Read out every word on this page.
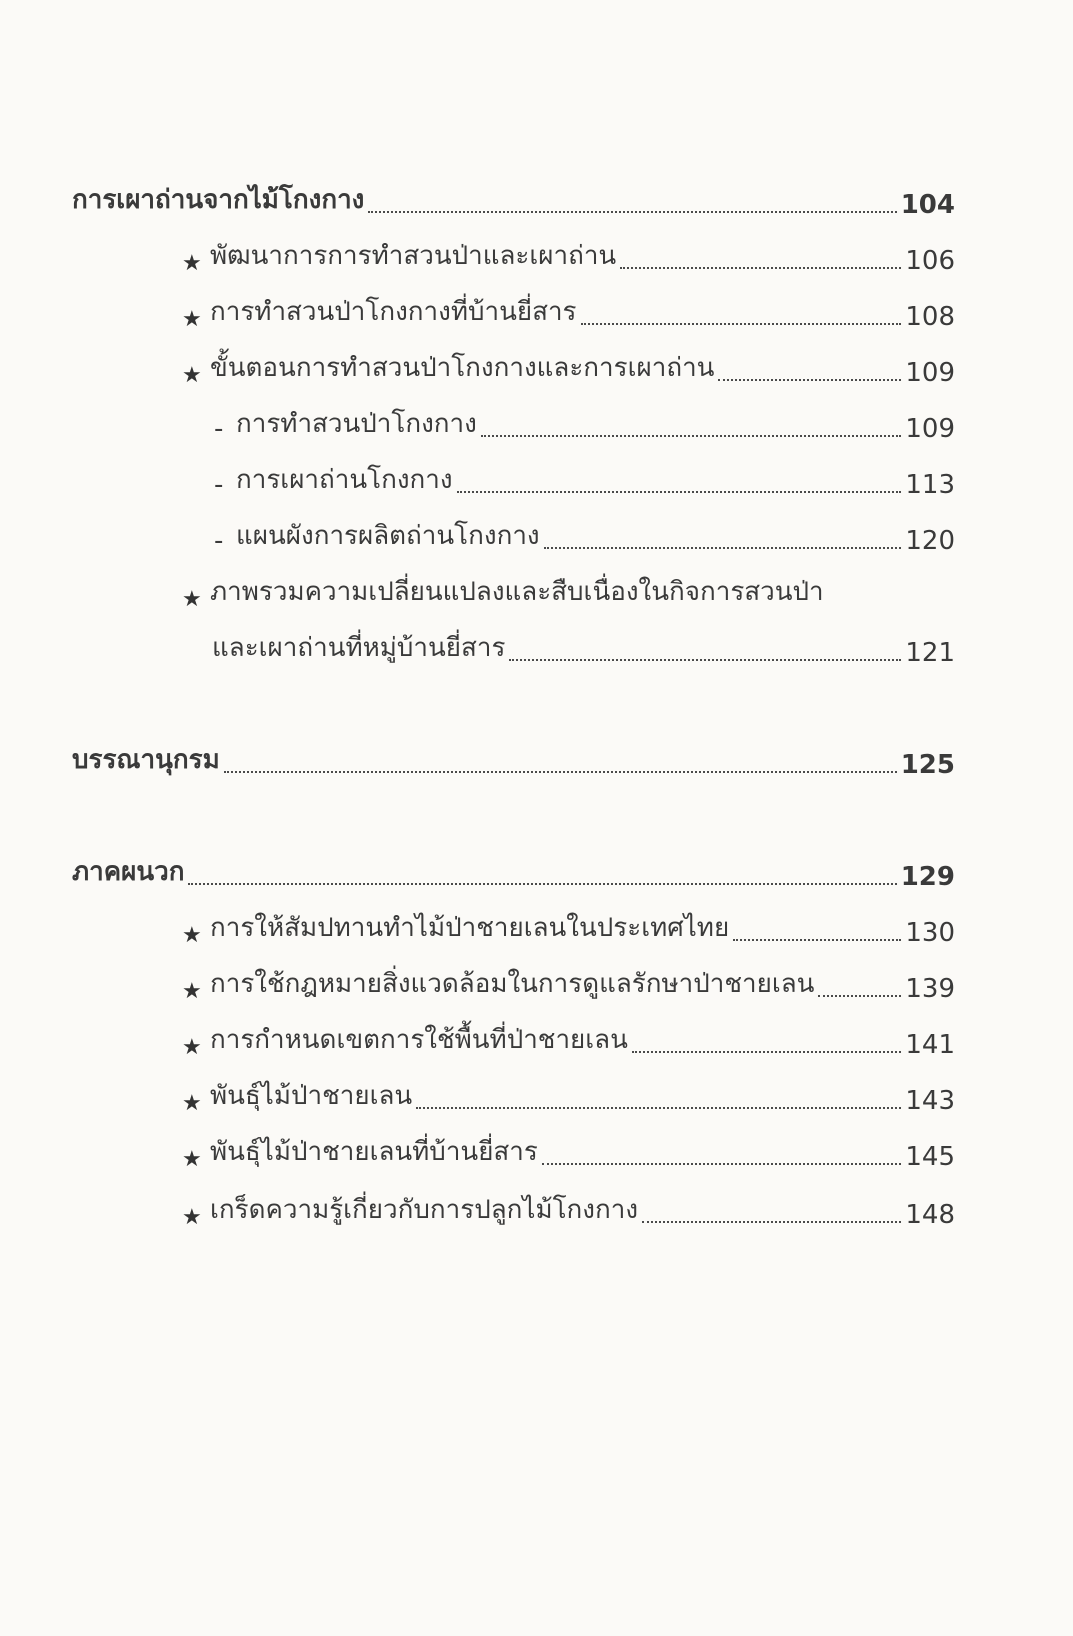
การเผาถ่านจากไม้โกงกาง	104
★ พัฒนาการการทำสวนป่าและเผาถ่าน	106
★ การทำสวนป่าโกงกางที่บ้านยี่สาร	108
★ ขั้นตอนการทำสวนป่าโกงกางและการเผาถ่าน	109
- การทำสวนป่าโกงกาง	109
- การเผาถ่านโกงกาง	113
- แผนผังการผลิตถ่านโกงกาง	120
★ ภาพรวมความเปลี่ยนแปลงและสืบเนื่องในกิจการสวนป่า
และเผาถ่านที่หมู่บ้านยี่สาร	121
บรรณานุกรม	125
ภาคผนวก	129
★ การให้สัมปทานทำไม้ป่าชายเลนในประเทศไทย	130
★ การใช้กฎหมายสิ่งแวดล้อมในการดูแลรักษาป่าชายเลน	139
★ การกำหนดเขตการใช้พื้นที่ป่าชายเลน	141
★ พันธุ์ไม้ป่าชายเลน	143
★ พันธุ์ไม้ป่าชายเลนที่บ้านยี่สาร	145
★ เกร็ดความรู้เกี่ยวกับการปลูกไม้โกงกาง	148
